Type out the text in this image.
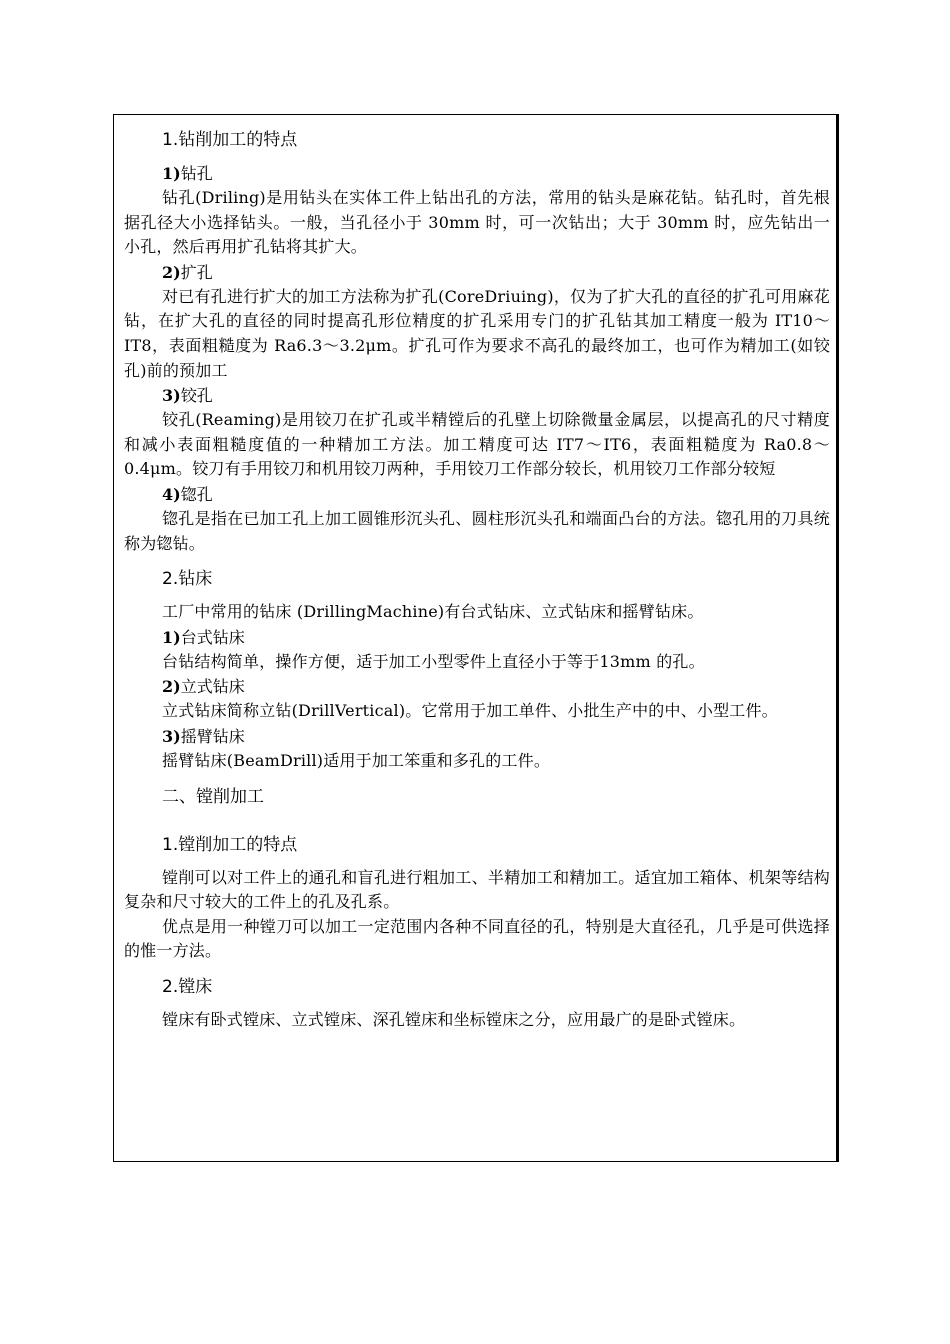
1.钻削加工的特点
1)钻孔

钻孔(Driling)是用钻头在实体工件上钻出孔的方法，常用的钻头是麻花钻。钻孔时，首先根据孔径大小选择钻头。一般，当孔径小于 30mm 时，可一次钻出；大于 30mm 时，应先钻出一小孔，然后再用扩孔钻将其扩大。

2)扩孔

对已有孔进行扩大的加工方法称为扩孔(CoreDriuing)，仅为了扩大孔的直径的扩孔可用麻花钻，在扩大孔的直径的同时提高孔形位精度的扩孔采用专门的扩孔钻其加工精度一般为 IT10～IT8，表面粗糙度为 Ra6.3～3.2μm。扩孔可作为要求不高孔的最终加工，也可作为精加工(如铰孔)前的预加工

3)铰孔

铰孔(Reaming)是用铰刀在扩孔或半精镗后的孔壁上切除微量金属层，以提高孔的尺寸精度和减小表面粗糙度值的一种精加工方法。加工精度可达 IT7～IT6，表面粗糙度为 Ra0.8～0.4μm。铰刀有手用铰刀和机用铰刀两种，手用铰刀工作部分较长，机用铰刀工作部分较短

4)锪孔

锪孔是指在已加工孔上加工圆锥形沉头孔、圆柱形沉头孔和端面凸台的方法。锪孔用的刀具统称为锪钻。

2.钻床

工厂中常用的钻床 (DrillingMachine)有台式钻床、立式钻床和摇臂钻床。

1)台式钻床

台钻结构简单，操作方便，适于加工小型零件上直径小于等于13mm 的孔。

2)立式钻床

立式钻床简称立钻(DrillVertical)。它常用于加工单件、小批生产中的中、小型工件。

3)摇臂钻床

摇臂钻床(BeamDrill)适用于加工笨重和多孔的工件。

二、镗削加工
1.镗削加工的特点

镗削可以对工件上的通孔和盲孔进行粗加工、半精加工和精加工。适宜加工箱体、机架等结构复杂和尺寸较大的工件上的孔及孔系。

优点是用一种镗刀可以加工一定范围内各种不同直径的孔，特别是大直径孔，几乎是可供选择的惟一方法。

2.镗床

镗床有卧式镗床、立式镗床、深孔镗床和坐标镗床之分，应用最广的是卧式镗床。
